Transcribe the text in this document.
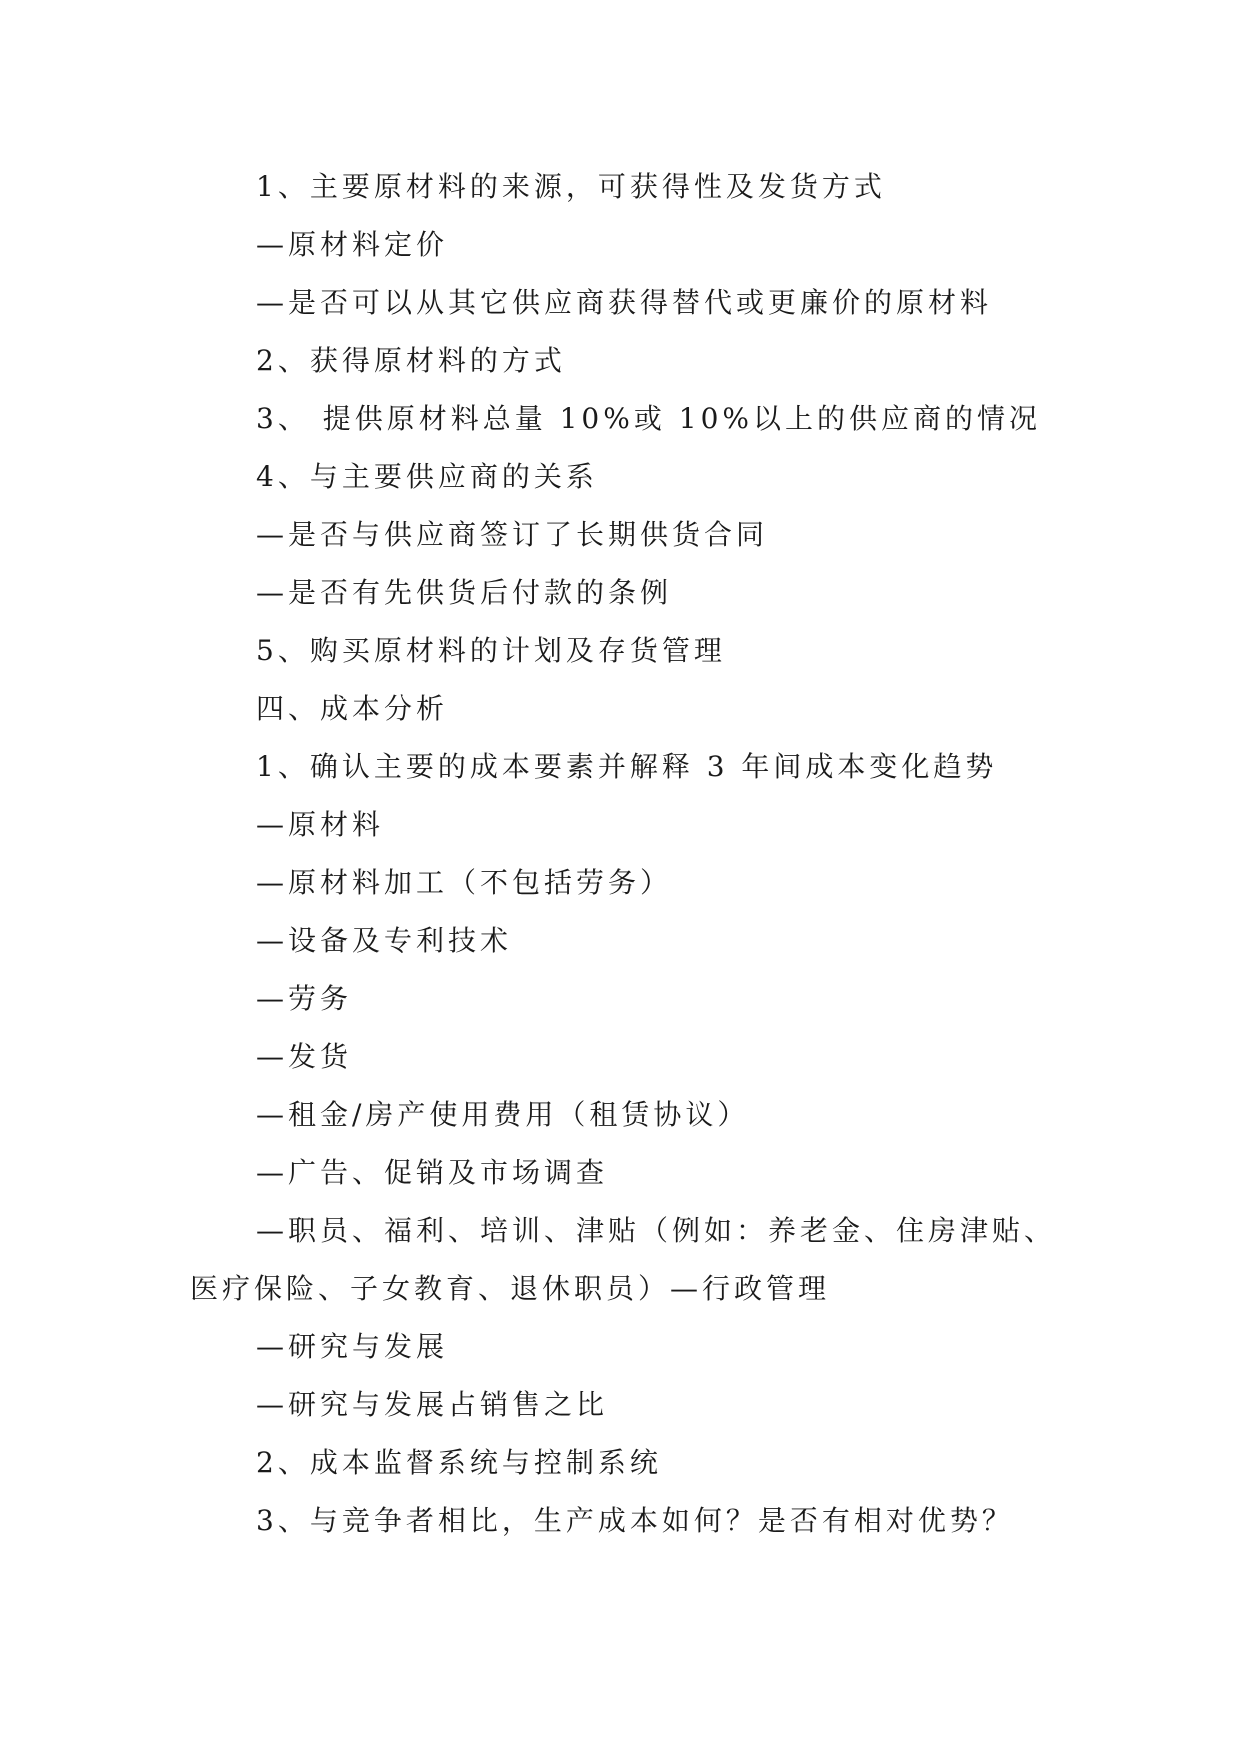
1、主要原材料的来源，可获得性及发货方式
—原材料定价
—是否可以从其它供应商获得替代或更廉价的原材料
2、获得原材料的方式
3、 提供原材料总量 10%或 10%以上的供应商的情况
4、与主要供应商的关系
—是否与供应商签订了长期供货合同
—是否有先供货后付款的条例
5、购买原材料的计划及存货管理
四、成本分析
1、确认主要的成本要素并解释 3 年间成本变化趋势
—原材料
—原材料加工（不包括劳务）
—设备及专利技术
—劳务
—发货
—租金/房产使用费用（租赁协议）
—广告、促销及市场调查
—职员、福利、培训、津贴（例如：养老金、住房津贴、医疗保险、子女教育、退休职员）—行政管理
—研究与发展
—研究与发展占销售之比
2、成本监督系统与控制系统
3、与竞争者相比，生产成本如何？是否有相对优势？
